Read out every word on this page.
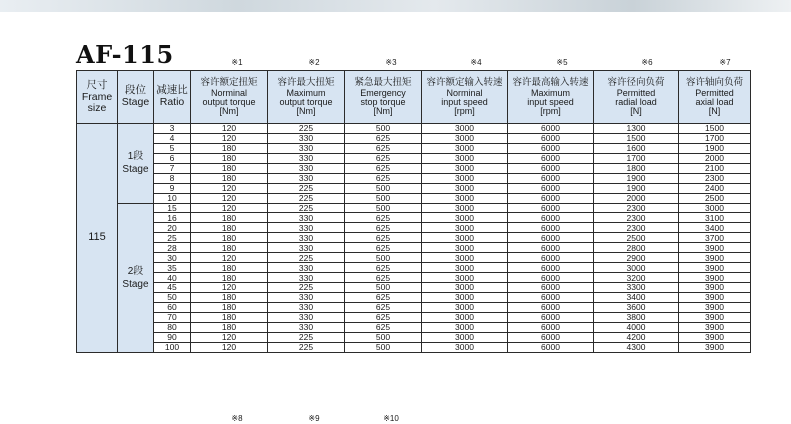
AF-115	※1	※2	※3	※4	※5	※6	※7
尺寸
Frame
size	段位
Stage	减速比
Ratio	容许额定扭矩
Norminal
output torque
[Nm]	容许最大扭矩
Maximum
output torque
[Nm]	紧急最大扭矩
Emergency
stop torque
[Nm]	容许额定输入转速
Norminal
input speed
[rpm]	容许最高输入转速
Maximum
input speed
[rpm]	容许径向负荷
Permitted
radial load
[N]	容许轴向负荷
Permitted
axial load
[N]

115	1段
Stage	3	120	225	500	3000	6000	1300	1500
		4	120	330	625	3000	6000	1500	1700
		5	180	330	625	3000	6000	1600	1900
		6	180	330	625	3000	6000	1700	2000
		7	180	330	625	3000	6000	1800	2100
		8	180	330	625	3000	6000	1900	2300
		9	120	225	500	3000	6000	1900	2400
		10	120	225	500	3000	6000	2000	2500
	2段
Stage	15	120	225	500	3000	6000	2300	3000
		16	180	330	625	3000	6000	2300	3100
		20	180	330	625	3000	6000	2300	3400
		25	180	330	625	3000	6000	2500	3700
		28	180	330	625	3000	6000	2800	3900
		30	120	225	500	3000	6000	2900	3900
		35	180	330	625	3000	6000	3000	3900
		40	180	330	625	3000	6000	3200	3900
		45	120	225	500	3000	6000	3300	3900
		50	180	330	625	3000	6000	3400	3900
		60	180	330	625	3000	6000	3600	3900
		70	180	330	625	3000	6000	3800	3900
		80	180	330	625	3000	6000	4000	3900
		90	120	225	500	3000	6000	4200	3900
		100	120	225	500	3000	6000	4300	3900
※8	※9	※10
